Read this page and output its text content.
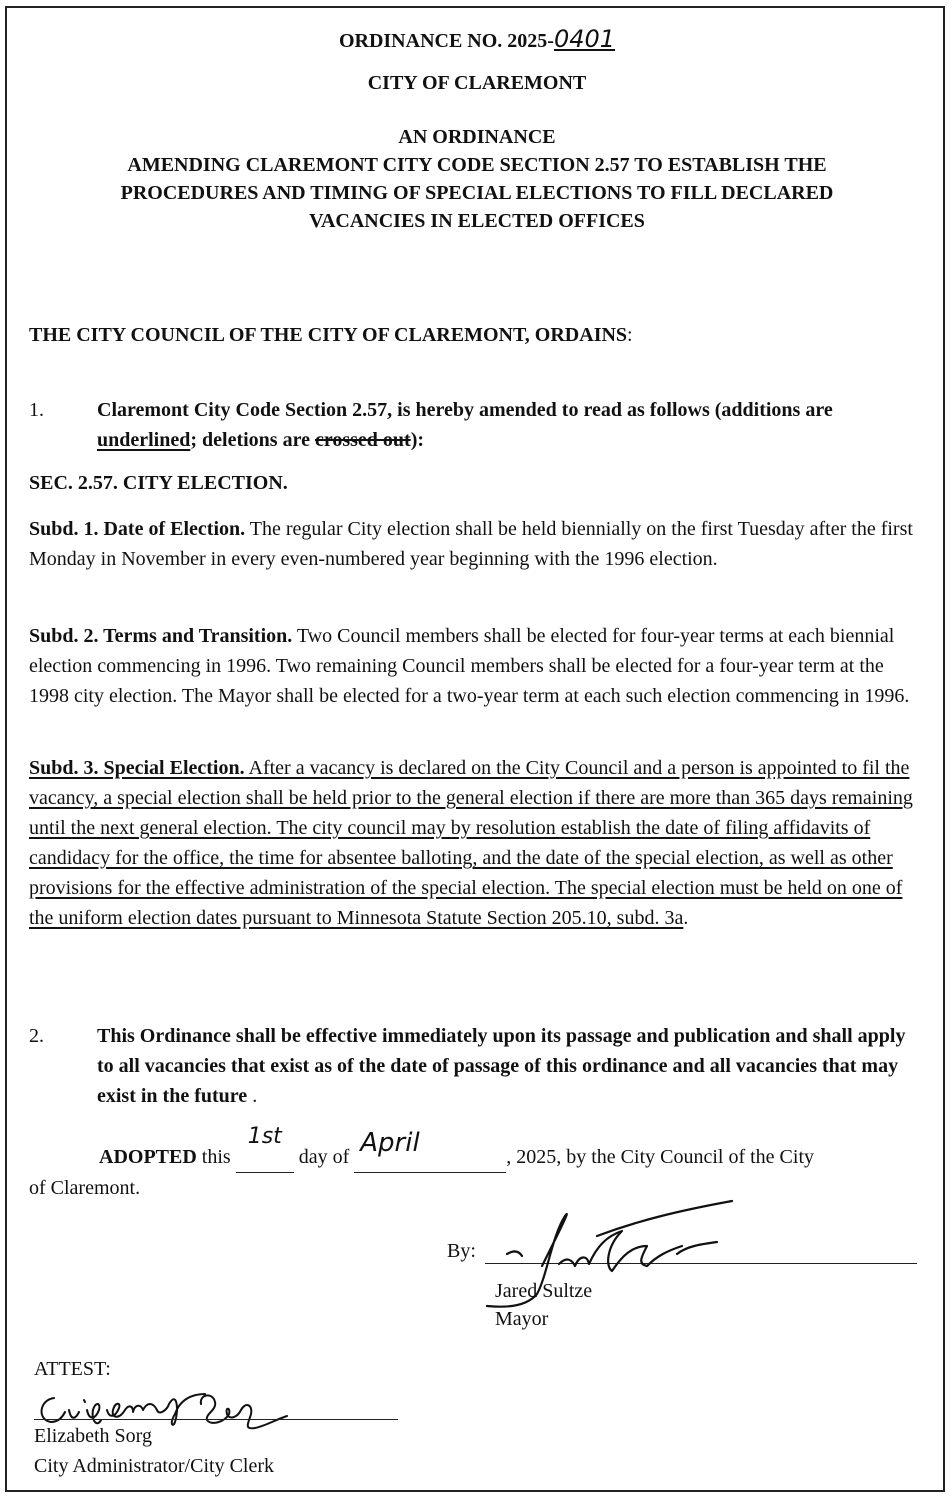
ORDINANCE NO. 2025-0401
CITY OF CLAREMONT
AN ORDINANCE
AMENDING CLAREMONT CITY CODE SECTION 2.57 TO ESTABLISH THE
PROCEDURES AND TIMING OF SPECIAL ELECTIONS TO FILL DECLARED
VACANCIES IN ELECTED OFFICES
THE CITY COUNCIL OF THE CITY OF CLAREMONT, ORDAINS:
1.	Claremont City Code Section 2.57, is hereby amended to read as follows (additions are underlined; deletions are crossed out):
SEC. 2.57. CITY ELECTION.
Subd. 1. Date of Election. The regular City election shall be held biennially on the first Tuesday after the first Monday in November in every even-numbered year beginning with the 1996 election.
Subd. 2. Terms and Transition. Two Council members shall be elected for four-year terms at each biennial election commencing in 1996. Two remaining Council members shall be elected for a four-year term at the 1998 city election. The Mayor shall be elected for a two-year term at each such election commencing in 1996.
Subd. 3. Special Election. After a vacancy is declared on the City Council and a person is appointed to fil the vacancy, a special election shall be held prior to the general election if there are more than 365 days remaining until the next general election. The city council may by resolution establish the date of filing affidavits of candidacy for the office, the time for absentee balloting, and the date of the special election, as well as other provisions for the effective administration of the special election. The special election must be held on one of the uniform election dates pursuant to Minnesota Statute Section 205.10, subd. 3a.
2.	This Ordinance shall be effective immediately upon its passage and publication and shall apply to all vacancies that exist as of the date of passage of this ordinance and all vacancies that may exist in the future .
ADOPTED this
1st
day of April	, 2025, by the City Council of the City
of Claremont.
By:
Jared Sultze
Mayor
ATTEST:
Elizabeth Sorg
City Administrator/City Clerk
